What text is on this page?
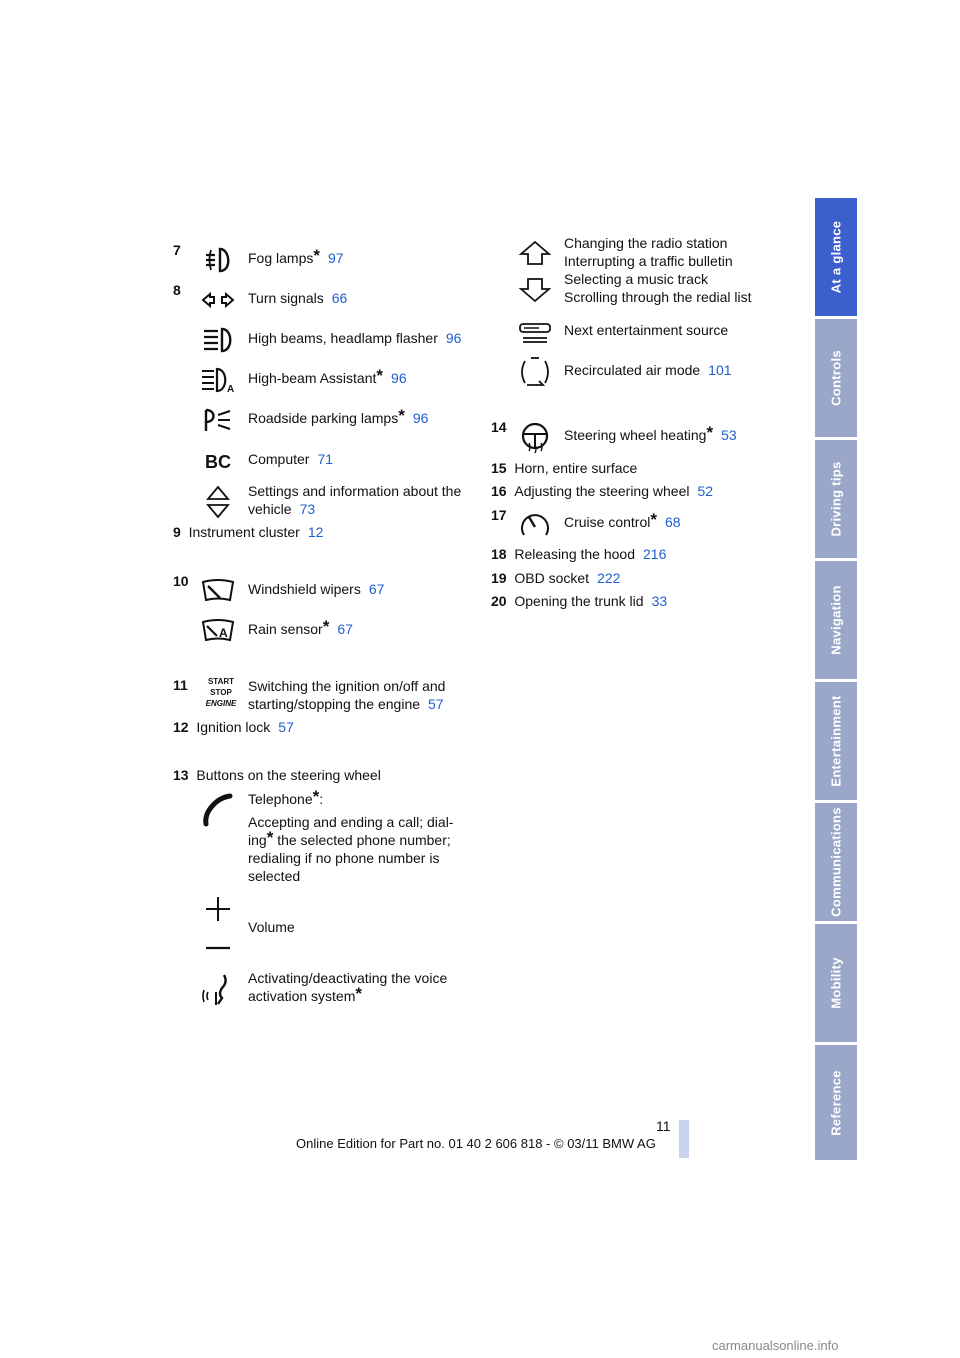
At a glance
Controls
Driving tips
Navigation
Entertainment
Communications
Mobility
Reference
7	Fog lamps* 97
8	Turn signals 66
High beams, headlamp flasher 96
A
High-beam Assistant* 96
Roadside parking lamps* 96
BC Computer 71
Settings and information about the
vehicle 73
9 Instrument cluster 12
10	Windshield wipers 67
A Rain sensor* 67
11	START
STOP
ENGINE
Switching the ignition on/off and
starting/stopping the engine 57
12 Ignition lock 57
13 Buttons on the steering wheel
Telephone*:
Accepting and ending a call; dial-
ing* the selected phone number;
redialing if no phone number is
selected
Volume
Activating/deactivating the voice
activation system*
Changing the radio station
Interrupting a traffic bulletin
Selecting a music track
Scrolling through the redial list
Next entertainment source
Recirculated air mode 101
14	Steering wheel heating* 53
15 Horn, entire surface
16 Adjusting the steering wheel 52
17	Cruise control* 68
18 Releasing the hood 216
19 OBD socket 222
20 Opening the trunk lid 33
11
Online Edition for Part no. 01 40 2 606 818 - © 03/11 BMW AG
carmanualsonline.info
